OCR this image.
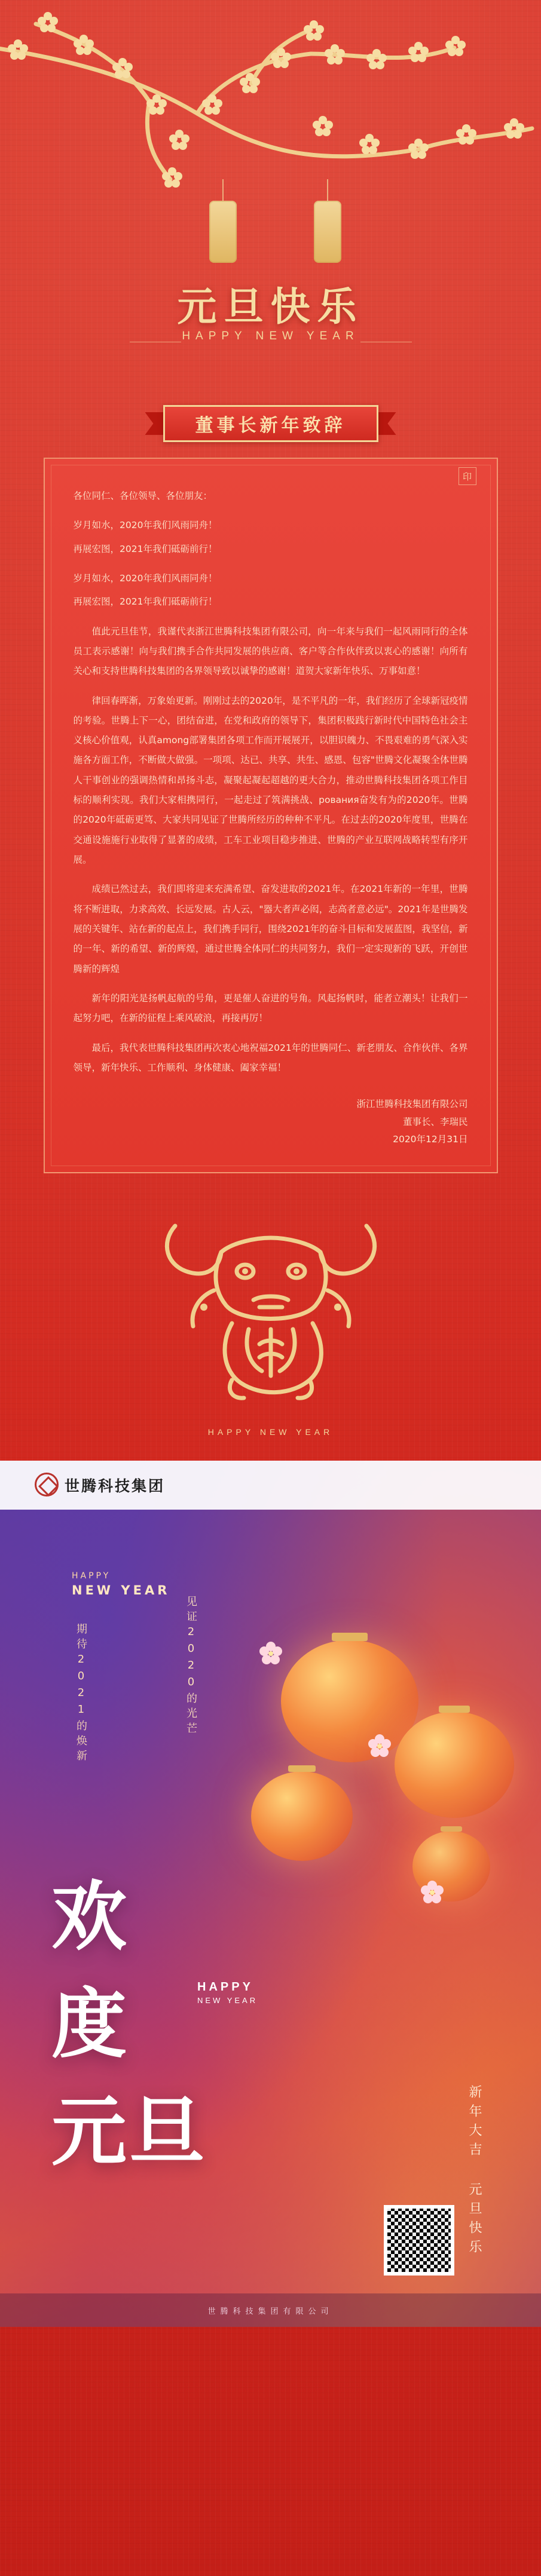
元旦快乐
HAPPY NEW YEAR
董事长新年致辞
印

各位同仁、各位领导、各位朋友：

岁月如水，2020年我们风雨同舟！

再展宏图，2021年我们砥砺前行！

岁月如水，2020年我们风雨同舟！

再展宏图，2021年我们砥砺前行！

值此元旦佳节，我谨代表浙江世腾科技集团有限公司，向一年来与我们一起风雨同行的全体员工表示感谢！向与我们携手合作共同发展的供应商、客户等合作伙伴致以衷心的感谢！向所有关心和支持世腾科技集团的各界领导致以诚挚的感谢！道贺大家新年快乐、万事如意！

律回春晖渐，万象始更新。刚刚过去的2020年，是不平凡的一年，我们经历了全球新冠疫情的考验。世腾上下一心，团结奋进，在党和政府的领导下，集团积极践行新时代中国特色社会主义核心价值观，认真among部署集团各项工作而开展展开，以胆识魄力、不畏艰难的勇气深入实施各方面工作，不断做大做强。一项项、达已、共享、共生、感恩、包容"世腾文化凝聚全体世腾人干事创业的强调热情和昂扬斗志，凝聚起凝起超越的更大合力，推动世腾科技集团各项工作目标的顺利实现。我们大家相携同行，一起走过了筑满挑战、рования奋发有为的2020年。世腾的2020年砥砺更笃、大家共同见证了世腾所经历的种种不平凡。在过去的2020年度里，世腾在交通设施施行业取得了显著的成绩，工车工业项目稳步推进、世腾的产业互联网战略转型有序开展。

成绩已然过去，我们即将迎来充满希望、奋发进取的2021年。在2021年新的一年里，世腾将不断进取，力求高效、长远发展。古人云，"器大者声必闳，志高者意必远"。2021年是世腾发展的关键年、站在新的起点上，我们携手同行，围绕2021年的奋斗目标和发展蓝图，我坚信，新的一年、新的希望、新的辉煌，通过世腾全体同仁的共同努力，我们一定实现新的飞跃，开创世腾新的辉煌

新年的阳光是扬帆起航的号角，更是催人奋进的号角。风起扬帆时，能者立潮头！让我们一起努力吧，在新的征程上乘风破浪，再接再厉！

最后，我代表世腾科技集团再次衷心地祝福2021年的世腾同仁、新老朋友、合作伙伴、各界领导，新年快乐、工作顺利、身体健康、阖家幸福！

浙江世腾科技集团有限公司
董事长、李瑞民
2020年12月31日
HAPPY NEW YEAR
世腾科技集团
HAPPY
NEW YEAR
期待2021的焕新	见证2020的光芒
欢
度
元旦
HAPPY
NEW YEAR
新年大吉 元旦快乐
世腾科技集团有限公司
